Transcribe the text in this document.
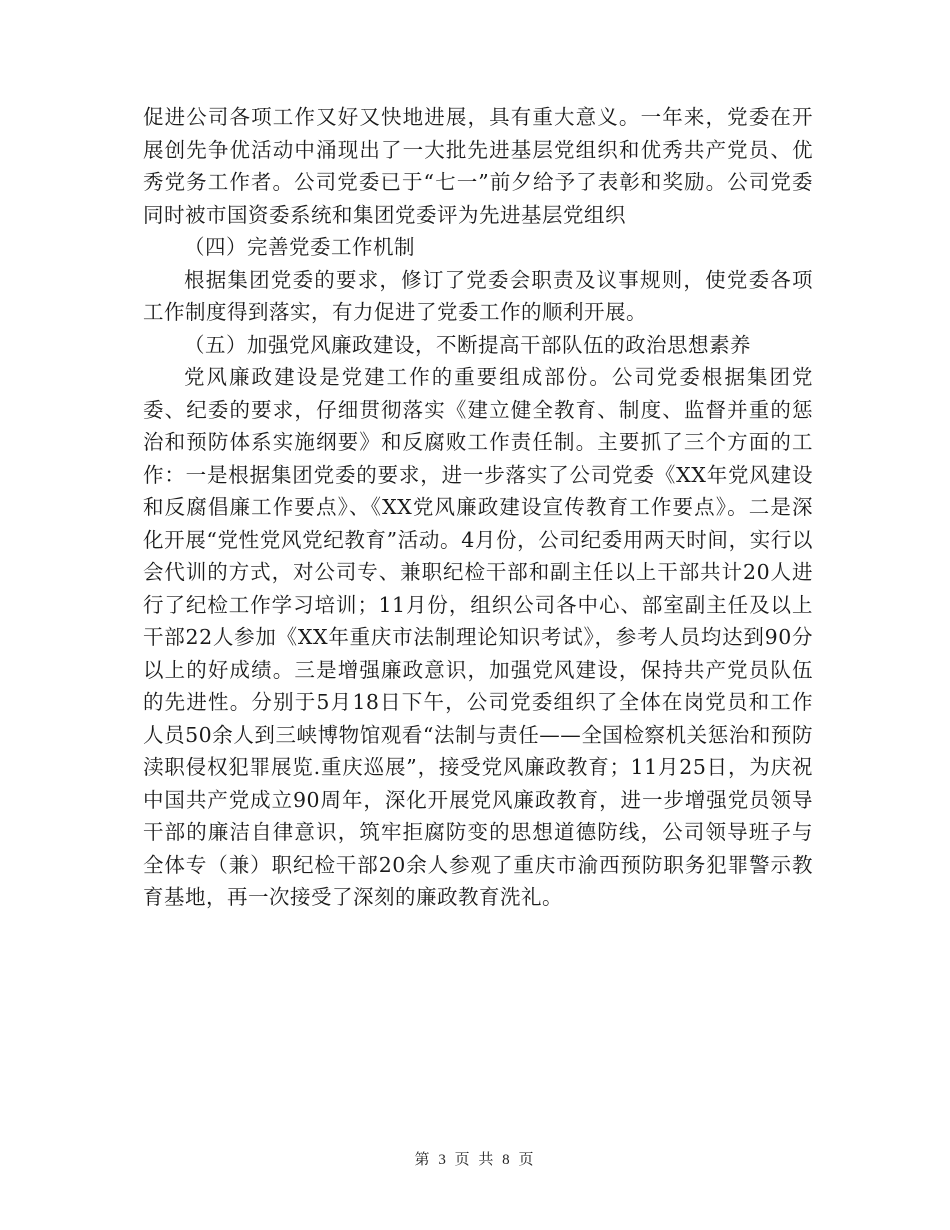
促进公司各项工作又好又快地进展，具有重大意义。一年来，党委在开展创先争优活动中涌现出了一大批先进基层党组织和优秀共产党员、优秀党务工作者。公司党委已于“七一”前夕给予了表彰和奖励。公司党委同时被市国资委系统和集团党委评为先进基层党组织

（四）完善党委工作机制

根据集团党委的要求，修订了党委会职责及议事规则，使党委各项工作制度得到落实，有力促进了党委工作的顺利开展。

（五）加强党风廉政建设，不断提高干部队伍的政治思想素养

党风廉政建设是党建工作的重要组成部份。公司党委根据集团党委、纪委的要求，仔细贯彻落实《建立健全教育、制度、监督并重的惩治和预防体系实施纲要》和反腐败工作责任制。主要抓了三个方面的工作：一是根据集团党委的要求，进一步落实了公司党委《XX年党风建设和反腐倡廉工作要点》、《XX党风廉政建设宣传教育工作要点》。二是深化开展“党性党风党纪教育”活动。4月份，公司纪委用两天时间，实行以会代训的方式，对公司专、兼职纪检干部和副主任以上干部共计20人进行了纪检工作学习培训；11月份，组织公司各中心、部室副主任及以上干部22人参加《XX年重庆市法制理论知识考试》，参考人员均达到90分以上的好成绩。三是增强廉政意识，加强党风建设，保持共产党员队伍的先进性。分别于5月18日下午，公司党委组织了全体在岗党员和工作人员50余人到三峡博物馆观看“法制与责任——全国检察机关惩治和预防渎职侵权犯罪展览.重庆巡展”，接受党风廉政教育；11月25日，为庆祝中国共产党成立90周年，深化开展党风廉政教育，进一步增强党员领导干部的廉洁自律意识，筑牢拒腐防变的思想道德防线，公司领导班子与全体专（兼）职纪检干部20余人参观了重庆市渝西预防职务犯罪警示教育基地，再一次接受了深刻的廉政教育洗礼。

第 3 页 共 8 页
